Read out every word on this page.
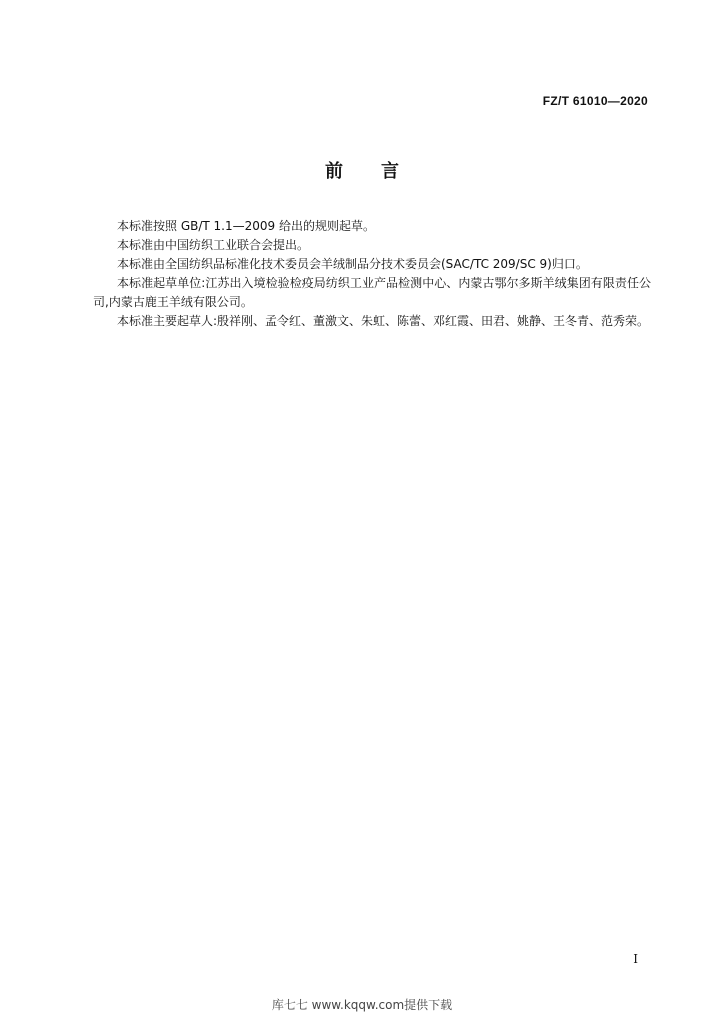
FZ/T 61010—2020
前言

本标准按照 GB/T 1.1—2009 给出的规则起草。

本标准由中国纺织工业联合会提出。

本标准由全国纺织品标准化技术委员会羊绒制品分技术委员会(SAC/TC 209/SC 9)归口。

本标准起草单位:江苏出入境检验检疫局纺织工业产品检测中心、内蒙古鄂尔多斯羊绒集团有限责任公司,内蒙古鹿王羊绒有限公司。

本标准主要起草人:殷祥刚、孟令红、董激文、朱虹、陈蕾、邓红霞、田君、姚静、王冬青、范秀荣。

I
库七七 www.kqqw.com提供下载
